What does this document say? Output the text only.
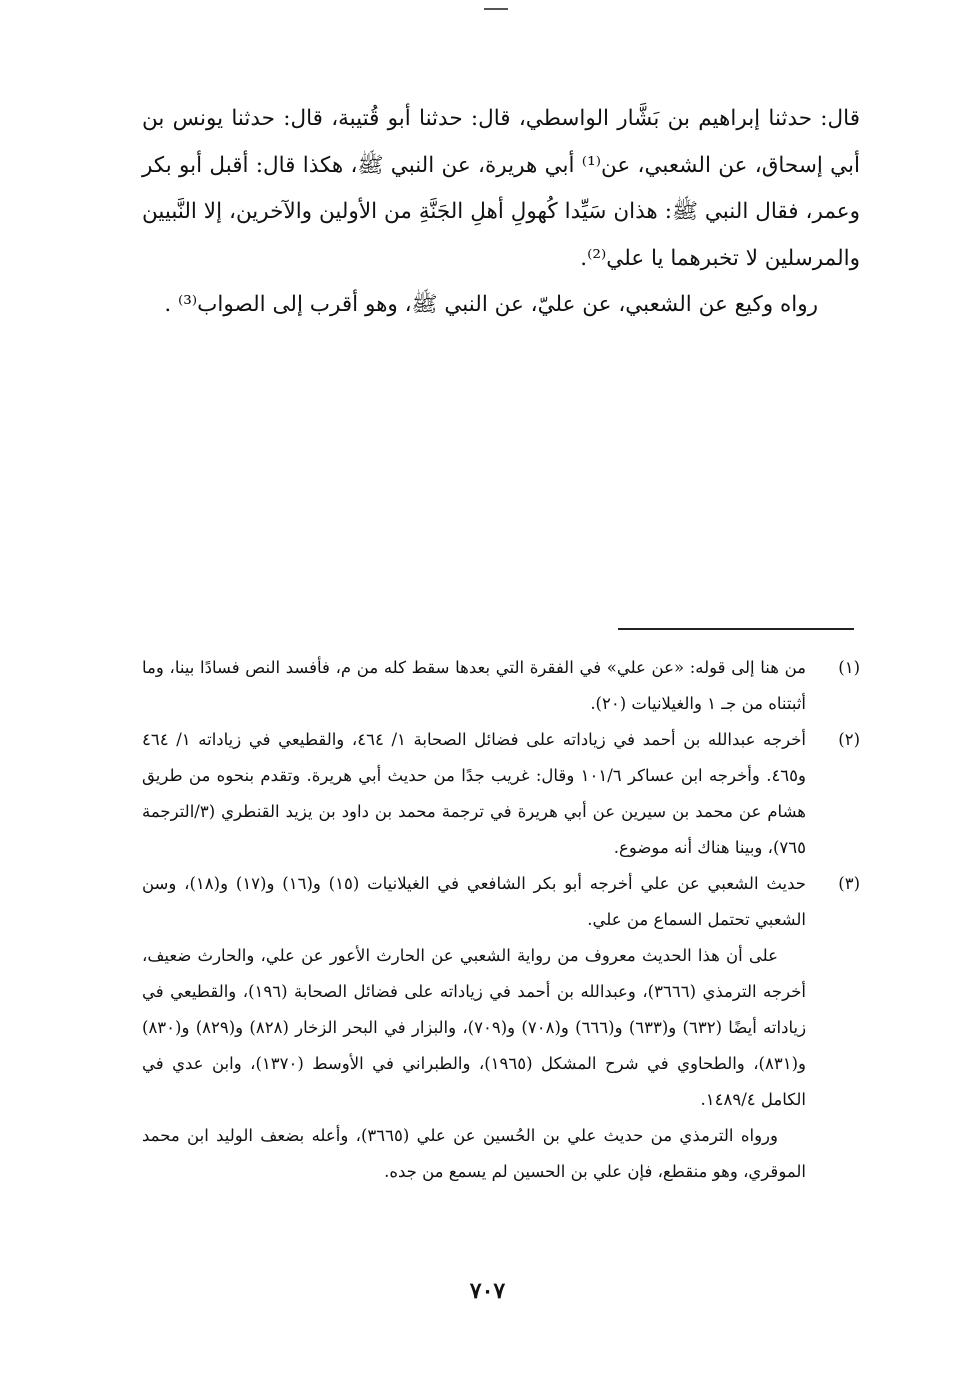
قال: حدثنا إبراهيم بن بَشَّار الواسطي، قال: حدثنا أبو قُتيبة، قال: حدثنا يونس بن أبي إسحاق، عن الشعبي، عن⁽¹⁾ أبي هريرة، عن النبي ﷺ، هكذا قال: أقبل أبو بكر وعمر، فقال النبي ﷺ: هذان سَيِّدا كُهولِ أهلِ الجَنَّةِ من الأولين والآخرين، إلا النَّبيين والمرسلين لا تخبرهما يا علي⁽²⁾.

رواه وكيع عن الشعبي، عن عليّ، عن النبي ﷺ، وهو أقرب إلى الصواب⁽³⁾ .

(١)
من هنا إلى قوله: «عن علي» في الفقرة التي بعدها سقط كله من م، فأفسد النص فسادًا بينا، وما أثبتناه من جـ ١ والغيلانيات (٢٠).
(٢)
أخرجه عبدالله بن أحمد في زياداته على فضائل الصحابة ١/ ٤٦٤، والقطيعي في زياداته ١/ ٤٦٤ و٤٦٥. وأخرجه ابن عساكر ١٠١/٦ وقال: غريب جدًا من حديث أبي هريرة. وتقدم بنحوه من طريق هشام عن محمد بن سيرين عن أبي هريرة في ترجمة محمد بن داود بن يزيد القنطري (٣/الترجمة ٧٦٥)، وبينا هناك أنه موضوع.
(٣)
حديث الشعبي عن علي أخرجه أبو بكر الشافعي في الغيلانيات (١٥) و(١٦) و(١٧) و(١٨)، وسن الشعبي تحتمل السماع من علي.
على أن هذا الحديث معروف من رواية الشعبي عن الحارث الأعور عن علي، والحارث ضعيف، أخرجه الترمذي (٣٦٦٦)، وعبدالله بن أحمد في زياداته على فضائل الصحابة (١٩٦)، والقطيعي في زياداته أيضًا (٦٣٢) و(٦٣٣) و(٦٦٦) و(٧٠٨) و(٧٠٩)، والبزار في البحر الزخار (٨٢٨) و(٨٢٩) و(٨٣٠) و(٨٣١)، والطحاوي في شرح المشكل (١٩٦٥)، والطبراني في الأوسط (١٣٧٠)، وابن عدي في الكامل ١٤٨٩/٤.
ورواه الترمذي من حديث علي بن الحُسين عن علي (٣٦٦٥)، وأعله بضعف الوليد ابن محمد الموقري، وهو منقطع، فإن علي بن الحسين لم يسمع من جده.
٧٠٧
